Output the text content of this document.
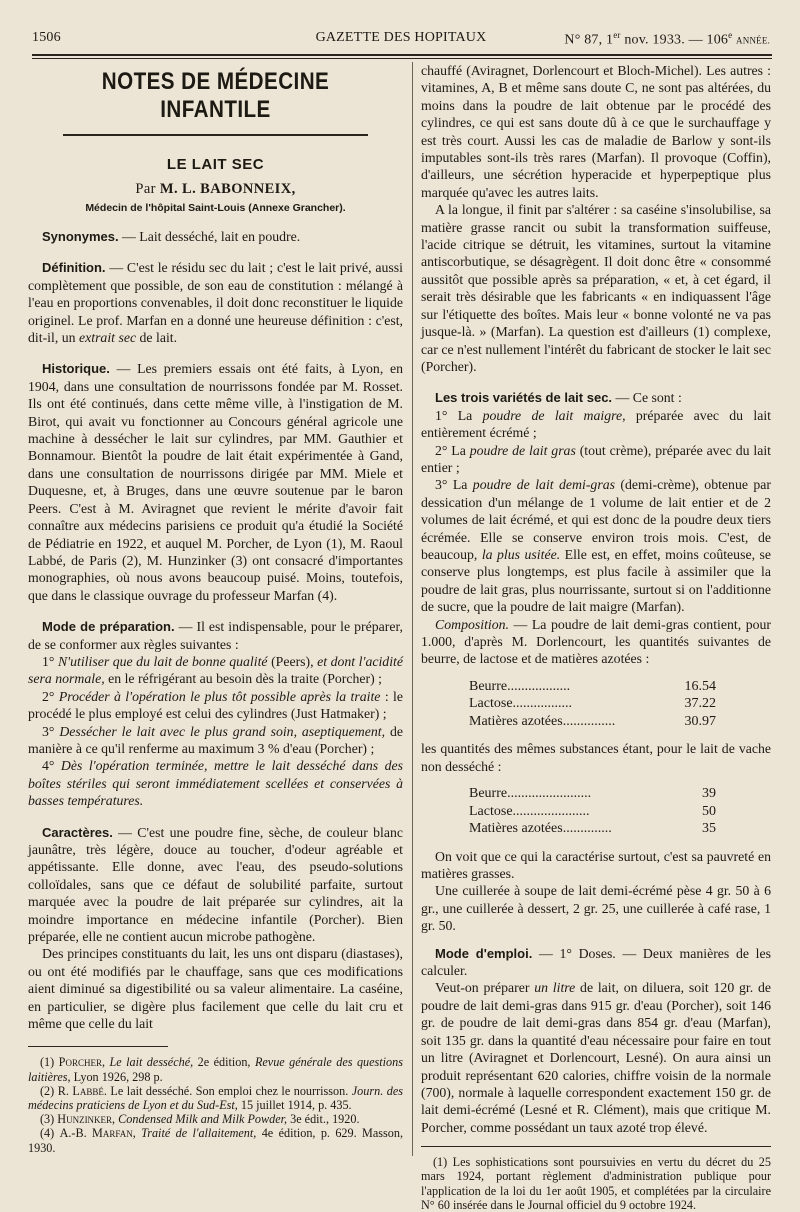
1506	GAZETTE DES HOPITAUX	N° 87, 1er nov. 1933. — 106e ANNÉE.
NOTES DE MÉDECINE INFANTILE
LE LAIT SEC
Par M. L. BABONNEIX,
Médecin de l'hôpital Saint-Louis (Annexe Grancher).

Synonymes. — Lait desséché, lait en poudre.

Définition. — C'est le résidu sec du lait ; c'est le lait privé, aussi complètement que possible, de son eau de constitution : mélangé à l'eau en proportions convenables, il doit donc reconstituer le liquide originel. Le prof. Marfan en a donné une heureuse définition : c'est, dit-il, un extrait sec de lait.

Historique. — Les premiers essais ont été faits, à Lyon, en 1904, dans une consultation de nourrissons fondée par M. Rosset. Ils ont été continués, dans cette même ville, à l'instigation de M. Birot, qui avait vu fonctionner au Concours général agricole une machine à dessécher le lait sur cylindres, par MM. Gauthier et Bonnamour. Bientôt la poudre de lait était expérimentée à Gand, dans une consultation de nourrissons dirigée par MM. Miele et Duquesne, et, à Bruges, dans une œuvre soutenue par le baron Peers. C'est à M. Aviragnet que revient le mérite d'avoir fait connaître aux médecins parisiens ce produit qu'a étudié la Société de Pédiatrie en 1922, et auquel M. Porcher, de Lyon (1), M. Raoul Labbé, de Paris (2), M. Hunzinker (3) ont consacré d'importantes monographies, où nous avons beaucoup puisé. Moins, toutefois, que dans le classique ouvrage du professeur Marfan (4).

Mode de préparation. — Il est indispensable, pour le préparer, de se conformer aux règles suivantes :

1° N'utiliser que du lait de bonne qualité (Peers), et dont l'acidité sera normale, en le réfrigérant au besoin dès la traite (Porcher) ;

2° Procéder à l'opération le plus tôt possible après la traite : le procédé le plus employé est celui des cylindres (Just Hatmaker) ;

3° Dessécher le lait avec le plus grand soin, aseptiquement, de manière à ce qu'il renferme au maximum 3 % d'eau (Porcher) ;

4° Dès l'opération terminée, mettre le lait desséché dans des boîtes stériles qui seront immédiatement scellées et conservées à basses températures.

Caractères. — C'est une poudre fine, sèche, de couleur blanc jaunâtre, très légère, douce au toucher, d'odeur agréable et appétissante. Elle donne, avec l'eau, des pseudo-solutions colloïdales, sans que ce défaut de solubilité parfaite, surtout marquée avec la poudre de lait préparée sur cylindres, ait la moindre importance en médecine infantile (Porcher). Bien préparée, elle ne contient aucun microbe pathogène.

Des principes constituants du lait, les uns ont disparu (diastases), ou ont été modifiés par le chauffage, sans que ces modifications aient diminué sa digestibilité ou sa valeur alimentaire. La caséine, en particulier, se digère plus facilement que celle du lait cru et même que celle du lait

(1) Porcher, Le lait desséché, 2e édition, Revue générale des questions laitières, Lyon 1926, 298 p.

(2) R. Labbé. Le lait desséché. Son emploi chez le nourrisson. Journ. des médecins praticiens de Lyon et du Sud-Est, 15 juillet 1914, p. 435.

(3) Hunzinker, Condensed Milk and Milk Powder, 3e édit., 1920.

(4) A.-B. Marfan, Traité de l'allaitement, 4e édition, p. 629. Masson, 1930.

chauffé (Aviragnet, Dorlencourt et Bloch-Michel). Les autres : vitamines, A, B et même sans doute C, ne sont pas altérées, du moins dans la poudre de lait obtenue par le procédé des cylindres, ce qui est sans doute dû à ce que le surchauffage y est très court. Aussi les cas de maladie de Barlow y sont-ils imputables sont-ils très rares (Marfan). Il provoque (Coffin), d'ailleurs, une sécrétion hyperacide et hyperpeptique plus marquée qu'avec les autres laits.

A la longue, il finit par s'altérer : sa caséine s'insolubilise, sa matière grasse rancit ou subit la transformation suiffeuse, l'acide citrique se détruit, les vitamines, surtout la vitamine antiscorbutique, se désagrègent. Il doit donc être « consommé aussitôt que possible après sa préparation, « et, à cet égard, il serait très désirable que les fabricants « en indiquassent l'âge sur l'étiquette des boîtes. Mais leur « bonne volonté ne va pas jusque-là. » (Marfan). La question est d'ailleurs (1) complexe, car ce n'est nullement l'intérêt du fabricant de stocker le lait sec (Porcher).

Les trois variétés de lait sec. — Ce sont :

1° La poudre de lait maigre, préparée avec du lait entièrement écrémé ;

2° La poudre de lait gras (tout crème), préparée avec du lait entier ;

3° La poudre de lait demi-gras (demi-crème), obtenue par dessication d'un mélange de 1 volume de lait entier et de 2 volumes de lait écrémé, et qui est donc de la poudre deux tiers écrémée. Elle se conserve environ trois mois. C'est, de beaucoup, la plus usitée. Elle est, en effet, moins coûteuse, se conserve plus longtemps, est plus facile à assimiler que la poudre de lait gras, plus nourrissante, surtout si on l'additionne de sucre, que la poudre de lait maigre (Marfan).

Composition. — La poudre de lait demi-gras contient, pour 1.000, d'après M. Dorlencourt, les quantités suivantes de beurre, de lactose et de matières azotées :

Beurre..................	16.54
Lactose.................	37.22
Matières azotées...............	30.97

les quantités des mêmes substances étant, pour le lait de vache non desséché :

Beurre........................	39
Lactose......................	50
Matières azotées..............	35

On voit que ce qui la caractérise surtout, c'est sa pauvreté en matières grasses.

Une cuillerée à soupe de lait demi-écrémé pèse 4 gr. 50 à 6 gr., une cuillerée à dessert, 2 gr. 25, une cuillerée à café rase, 1 gr. 50.

Mode d'emploi. — 1° Doses. — Deux manières de les calculer.

Veut-on préparer un litre de lait, on diluera, soit 120 gr. de poudre de lait demi-gras dans 915 gr. d'eau (Porcher), soit 146 gr. de poudre de lait demi-gras dans 854 gr. d'eau (Marfan), soit 135 gr. dans la quantité d'eau nécessaire pour faire en tout un litre (Aviragnet et Dorlencourt, Lesné). On aura ainsi un produit représentant 620 calories, chiffre voisin de la normale (700), normale à laquelle correspondent exactement 150 gr. de lait demi-écrémé (Lesné et R. Clément), mais que critique M. Porcher, comme possédant un taux azoté trop élevé.

(1) Les sophistications sont poursuivies en vertu du décret du 25 mars 1924, portant règlement d'administration publique pour l'application de la loi du 1er août 1905, et complétées par la circulaire N° 60 insérée dans le Journal officiel du 9 octobre 1924.
